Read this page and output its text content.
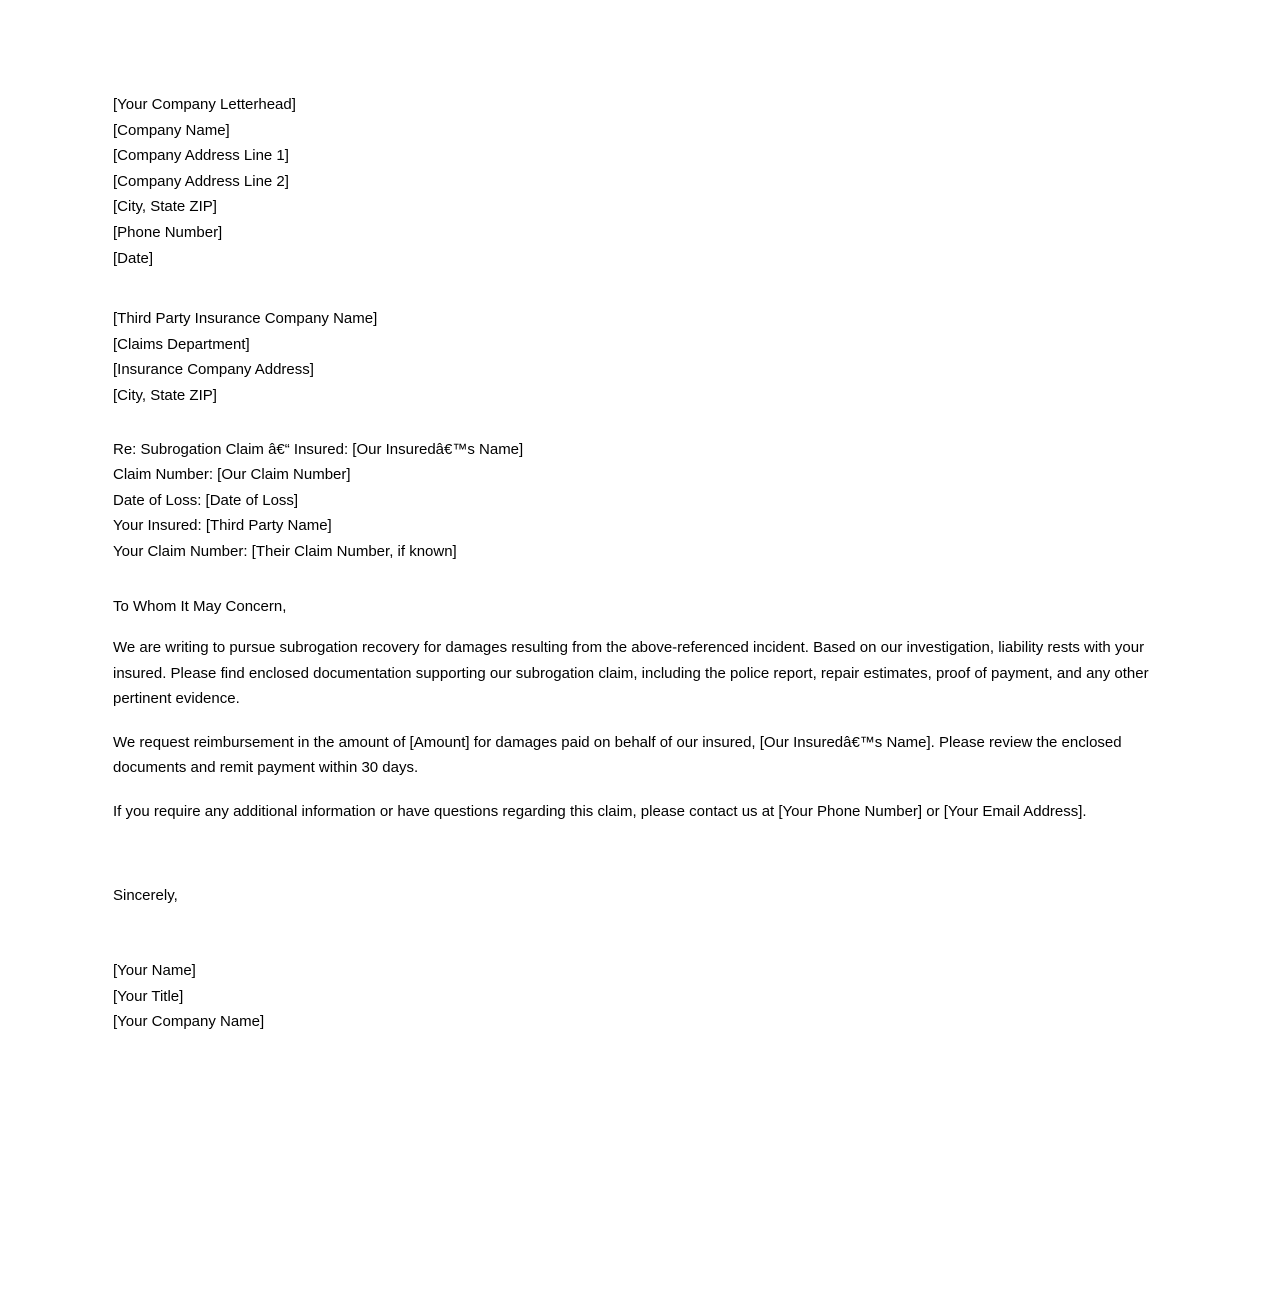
[Your Company Letterhead]
[Company Name]
[Company Address Line 1]
[Company Address Line 2]
[City, State ZIP]
[Phone Number]
[Date]
[Third Party Insurance Company Name]
[Claims Department]
[Insurance Company Address]
[City, State ZIP]
Re: Subrogation Claim â€“ Insured: [Our Insuredâ€™s Name]
Claim Number: [Our Claim Number]
Date of Loss: [Date of Loss]
Your Insured: [Third Party Name]
Your Claim Number: [Their Claim Number, if known]
To Whom It May Concern,

We are writing to pursue subrogation recovery for damages resulting from the above-referenced incident. Based on our investigation, liability rests with your insured. Please find enclosed documentation supporting our subrogation claim, including the police report, repair estimates, proof of payment, and any other pertinent evidence.

We request reimbursement in the amount of [Amount] for damages paid on behalf of our insured, [Our Insuredâ€™s Name]. Please review the enclosed documents and remit payment within 30 days.

If you require any additional information or have questions regarding this claim, please contact us at [Your Phone Number] or [Your Email Address].

Sincerely,
[Your Name]
[Your Title]
[Your Company Name]
